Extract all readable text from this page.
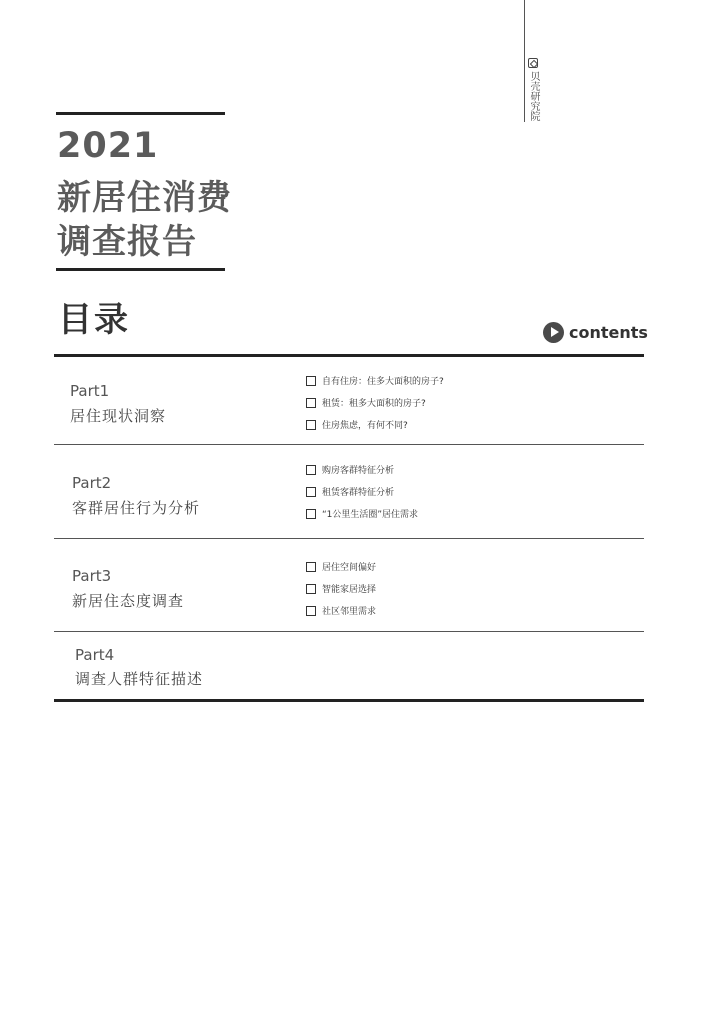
贝壳研究院
2021
新居住消费
调查报告
目录	contents
Part1
居住现状洞察
自有住房：住多大面积的房子?
租赁：租多大面积的房子?
住房焦虑，有何不同?
Part2
客群居住行为分析
购房客群特征分析
租赁客群特征分析
“1公里生活圈”居住需求
Part3
新居住态度调查
居住空间偏好
智能家居选择
社区邻里需求
Part4
调查人群特征描述
